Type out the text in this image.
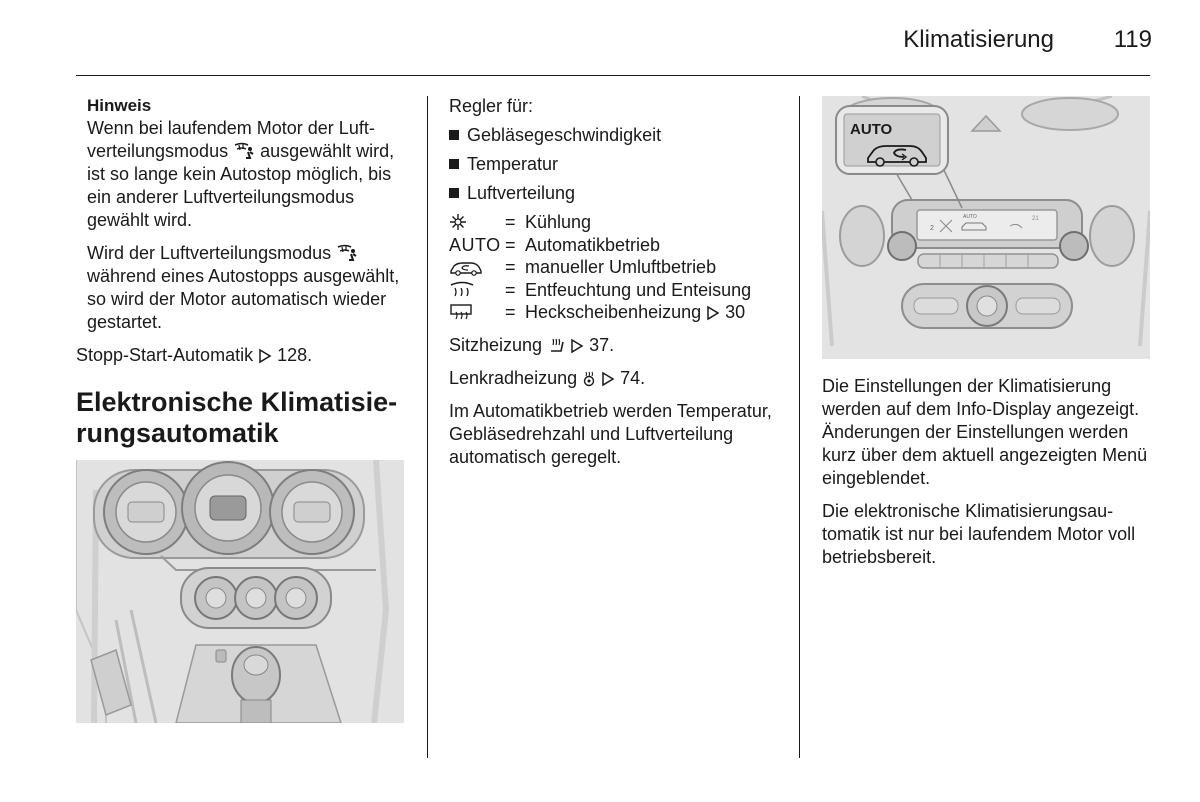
Klimatisierung 119
Hinweis

Wenn bei laufendem Motor der Luftverteilungsmodus  ausgewählt wird, ist so lange kein Autostop möglich, bis ein anderer Luftverteilungsmodus gewählt wird.

Wird der Luftverteilungsmodus  während eines Autostopps ausgewählt, so wird der Motor automatisch wieder gestartet.

Stopp-Start-Automatik 128.

Elektronische Klimatisierungsautomatik

Regler für:

Gebläsegeschwindigkeit
Temperatur
Luftverteilung
= Kühlung
AUTO = Automatikbetrieb
= manueller Umluftbetrieb
= Entfeuchtung und Enteisung
= Heckscheibenheizung 30

Sitzheizung	37.

Lenkradheizung 74.

Im Automatikbetrieb werden Temperatur, Gebläsedrehzahl und Luftverteilung automatisch geregelt.

2
AUTO	21
AUTO

Die Einstellungen der Klimatisierung werden auf dem Info-Display angezeigt. Änderungen der Einstellungen werden kurz über dem aktuell angezeigten Menü eingeblendet.

Die elektronische Klimatisierungsautomatik ist nur bei laufendem Motor voll betriebsbereit.
